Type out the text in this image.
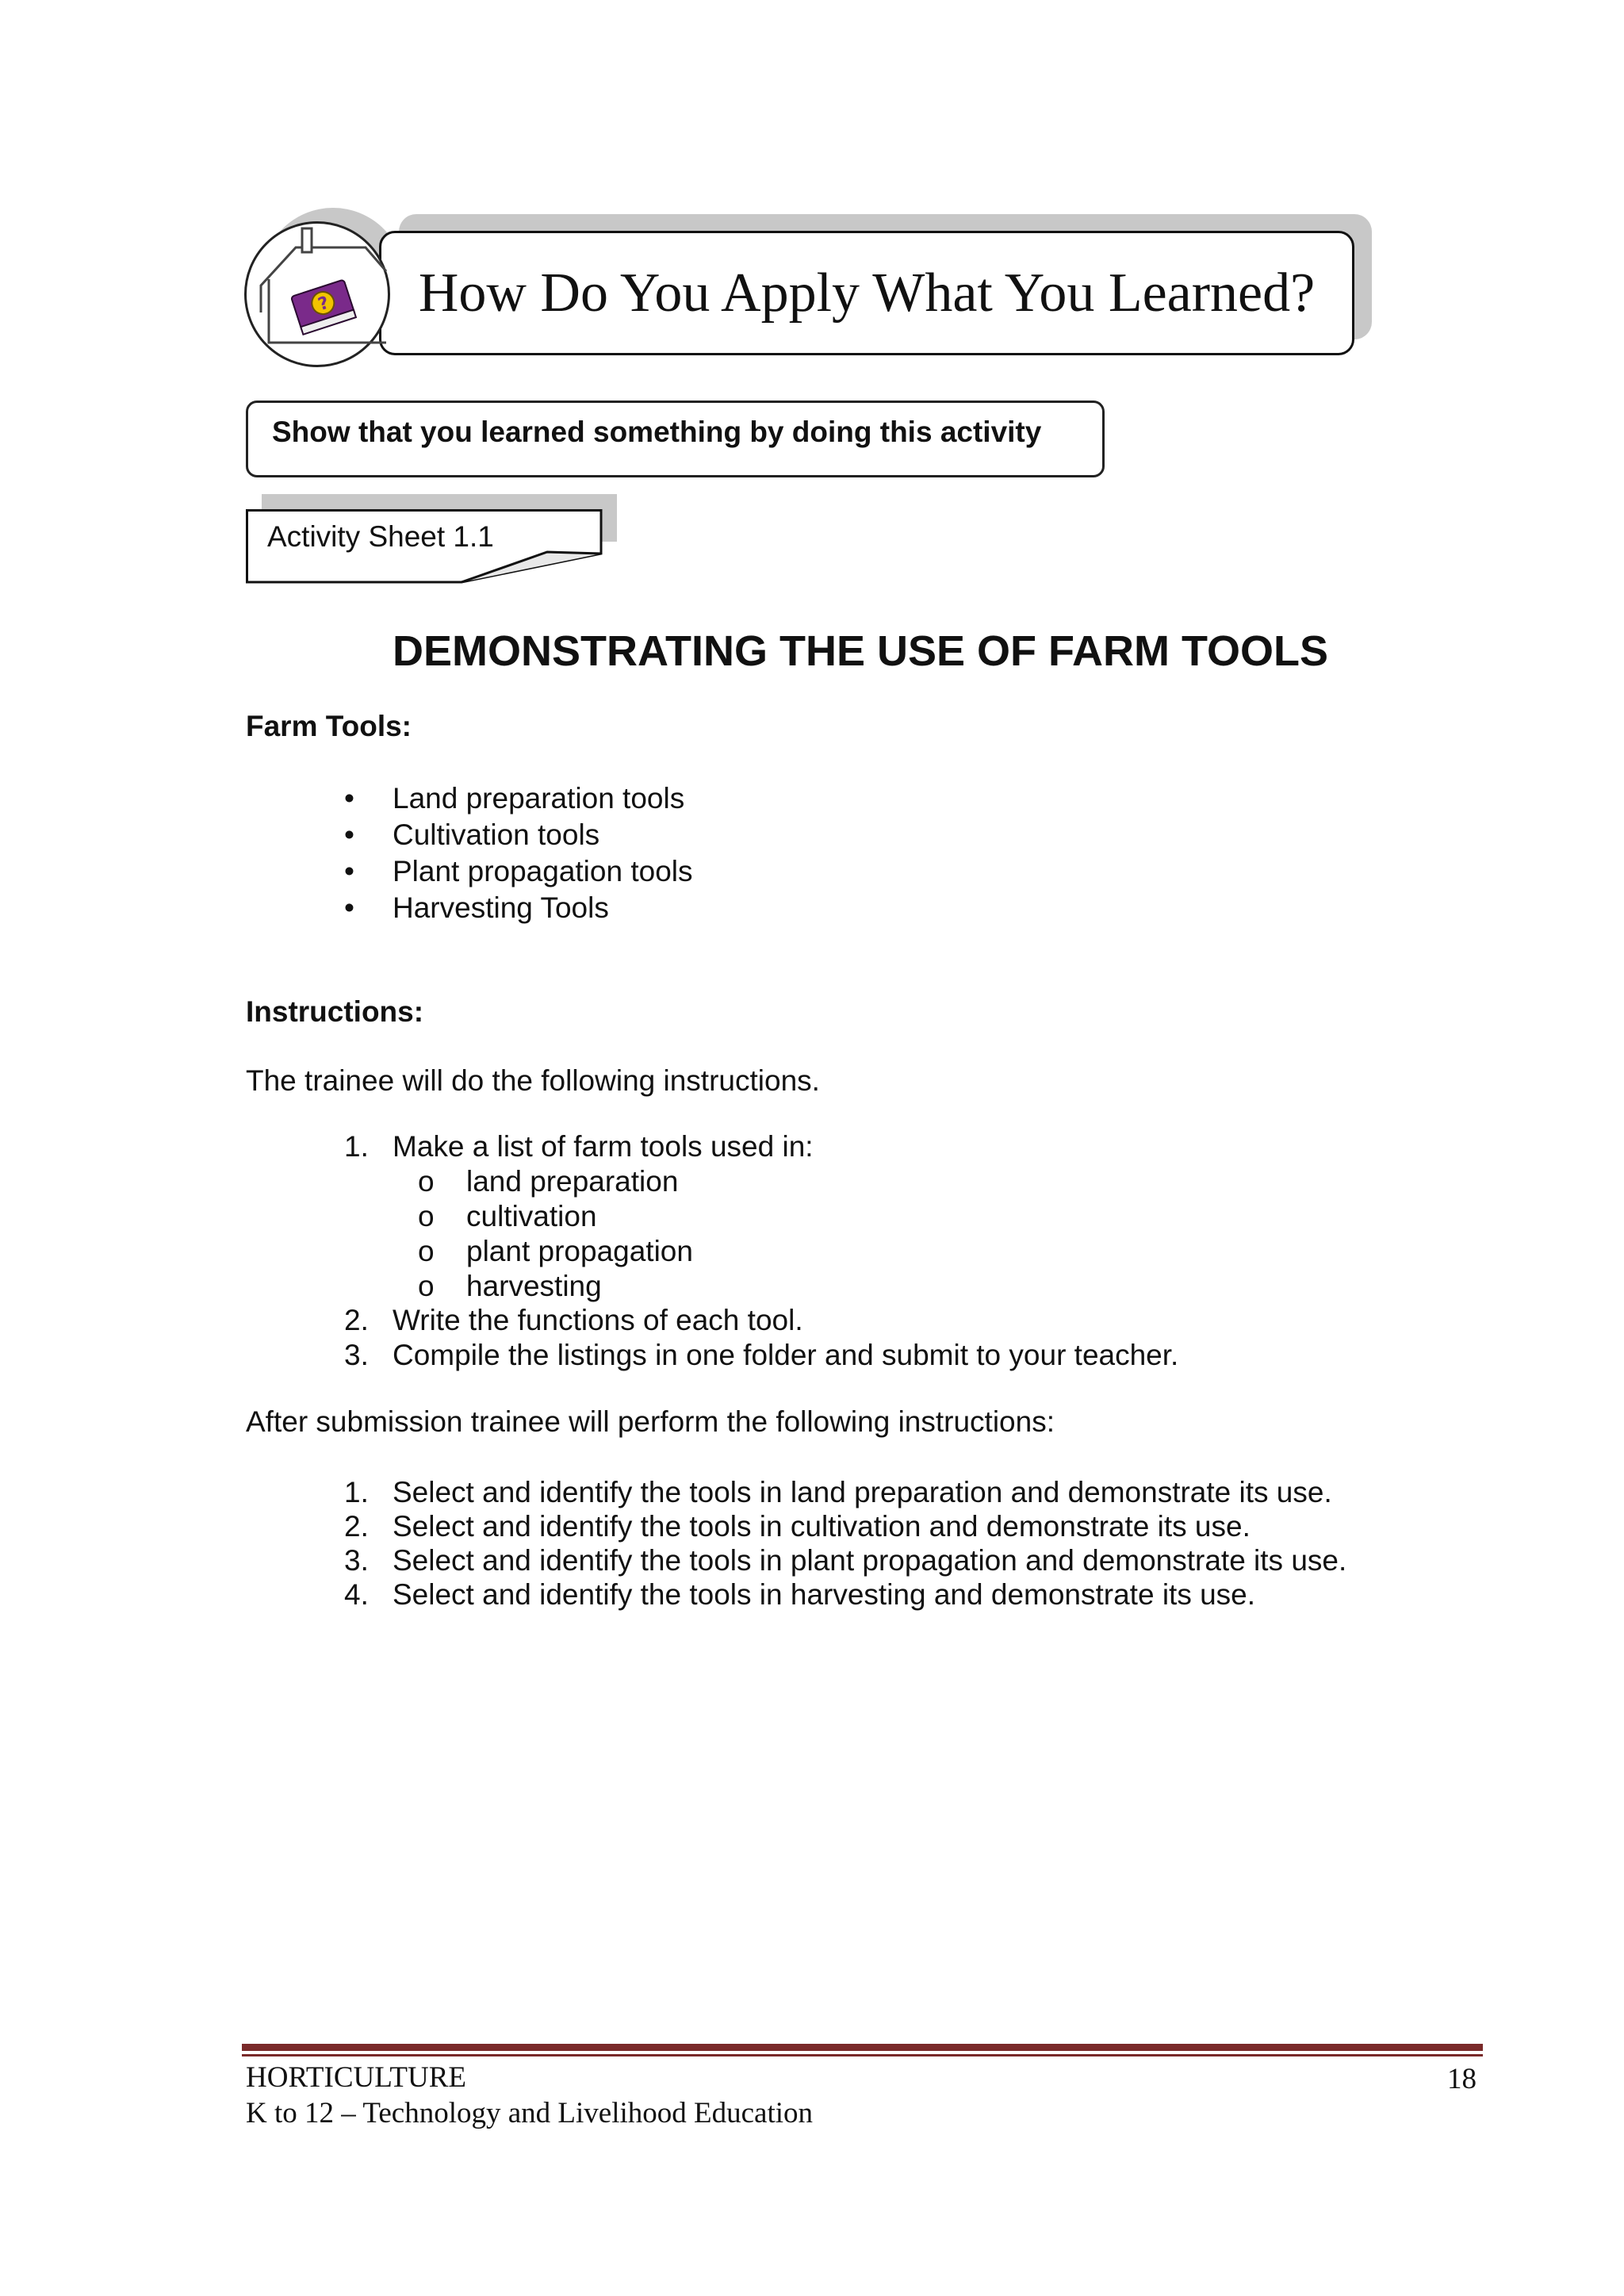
How Do You Apply What You Learned?
?
Show that you learned something by doing this activity
Activity Sheet 1.1
DEMONSTRATING THE USE OF FARM TOOLS
Farm Tools:
• Land preparation tools
• Cultivation tools
• Plant propagation tools
• Harvesting Tools
Instructions:
The trainee will do the following instructions.
1. Make a list of farm tools used in:
o land preparation
o cultivation
o plant propagation
o harvesting
2. Write the functions of each tool.
3. Compile the listings in one folder and submit to your teacher.
After submission trainee will perform the following instructions:
1. Select and identify the tools in land preparation and demonstrate its use.
2. Select and identify the tools in cultivation and demonstrate its use.
3. Select and identify the tools in plant propagation and demonstrate its use.
4. Select and identify the tools in harvesting and demonstrate its use.
HORTICULTURE
K to 12 – Technology and Livelihood Education
18
